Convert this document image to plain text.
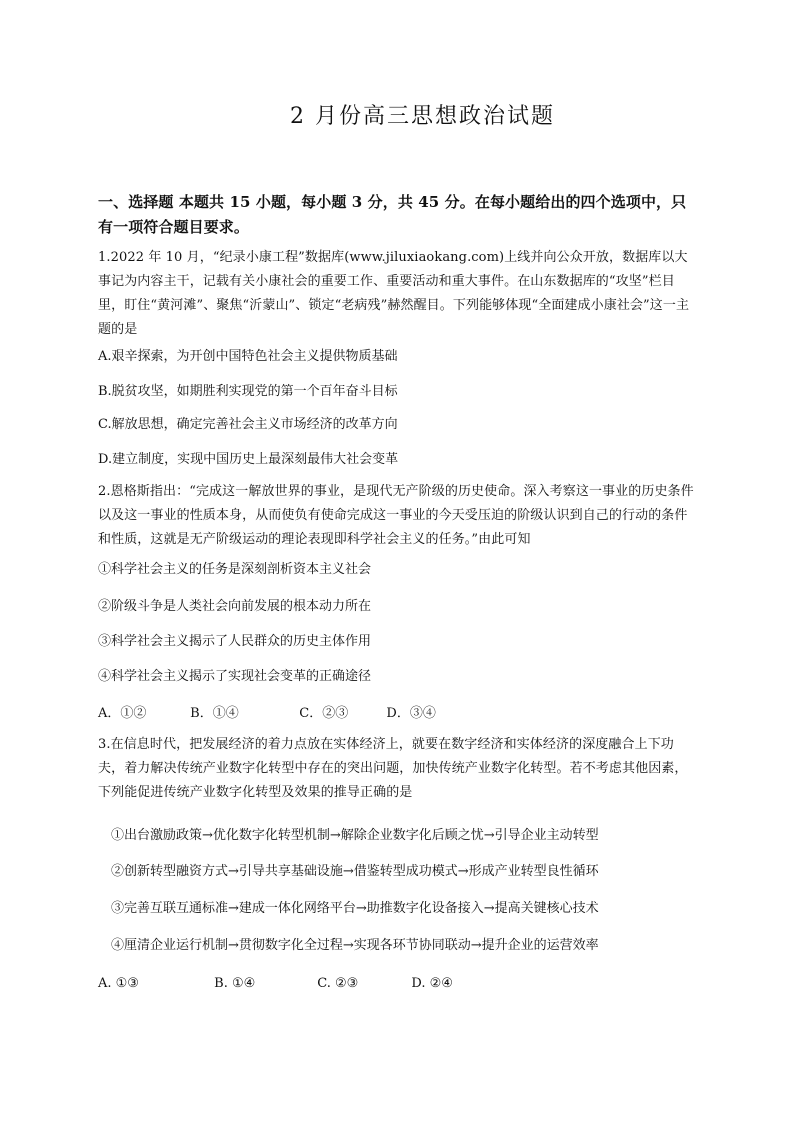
2 月份高三思想政治试题
一、选择题 本题共 15 小题，每小题 3 分，共 45 分。在每小题给出的四个选项中，只有一项符合题目要求。
1.2022 年 10 月，“纪录小康工程”数据库(www.jiluxiaokang.com)上线并向公众开放，数据库以大事记为内容主干，记载有关小康社会的重要工作、重要活动和重大事件。在山东数据库的“攻坚”栏目里，盯住“黄河滩”、聚焦“沂蒙山”、锁定“老病残”赫然醒目。下列能够体现“全面建成小康社会”这一主题的是
A.艰辛探索，为开创中国特色社会主义提供物质基础
B.脱贫攻坚，如期胜利实现党的第一个百年奋斗目标
C.解放思想，确定完善社会主义市场经济的改革方向
D.建立制度，实现中国历史上最深刻最伟大社会变革
2.恩格斯指出：“完成这一解放世界的事业，是现代无产阶级的历史使命。深入考察这一事业的历史条件以及这一事业的性质本身，从而使负有使命完成这一事业的今天受压迫的阶级认识到自己的行动的条件和性质，这就是无产阶级运动的理论表现即科学社会主义的任务。”由此可知
①科学社会主义的任务是深刻剖析资本主义社会
②阶级斗争是人类社会向前发展的根本动力所在
③科学社会主义揭示了人民群众的历史主体作用
④科学社会主义揭示了实现社会变革的正确途径
A．①②	B．①④	C．②③	D．③④
3.在信息时代，把发展经济的着力点放在实体经济上，就要在数字经济和实体经济的深度融合上下功夫，着力解决传统产业数字化转型中存在的突出问题，加快传统产业数字化转型。若不考虑其他因素，下列能促进传统产业数字化转型及效果的推导正确的是
①出台激励政策→优化数字化转型机制→解除企业数字化后顾之忧→引导企业主动转型
②创新转型融资方式→引导共享基础设施→借鉴转型成功模式→形成产业转型良性循环
③完善互联互通标准→建成一体化网络平台→助推数字化设备接入→提高关键核心技术
④厘清企业运行机制→贯彻数字化全过程→实现各环节协同联动→提升企业的运营效率
A. ①③	B. ①④	C. ②③	D. ②④
